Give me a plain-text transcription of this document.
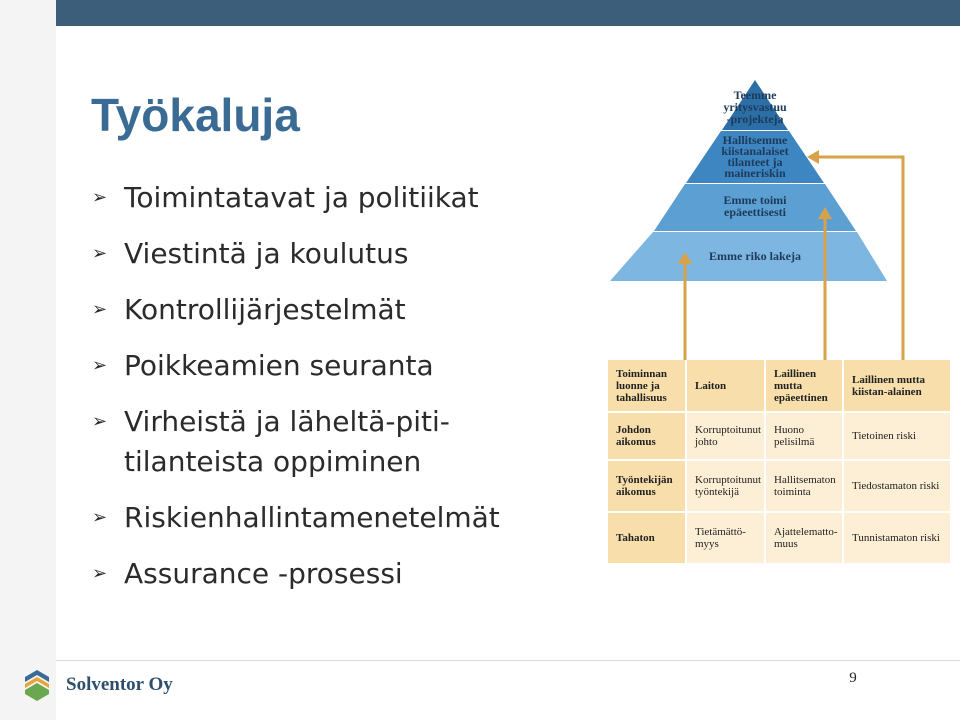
Työkaluja
➢ Toimintatavat ja politiikat
➢ Viestintä ja koulutus
➢ Kontrollijärjestelmät
➢ Poikkeamien seuranta
➢ Virheistä ja läheltä-piti-tilanteista oppiminen
➢ Riskienhallintamenetelmät
➢ Assurance -prosessi
Teemme
yritysvastuu
-projekteja
Hallitsemme
kiistanalaiset
tilanteet ja
maineriskin
Emme toimi
epäeettisesti
Emme riko lakeja
Toiminnan luonne ja tahallisuus	Laiton	Laillinen mutta epäeettinen	Laillinen mutta kiistan-alainen
Johdon aikomus	Korruptoitunut johto	Huono pelisilmä	Tietoinen riski
Työntekijän aikomus	Korruptoitunut työntekijä	Hallitsematon toiminta	Tiedostamaton riski
Tahaton	Tietämättö-myys	Ajattelematto-muus	Tunnistamaton riski
Solventor Oy	9
